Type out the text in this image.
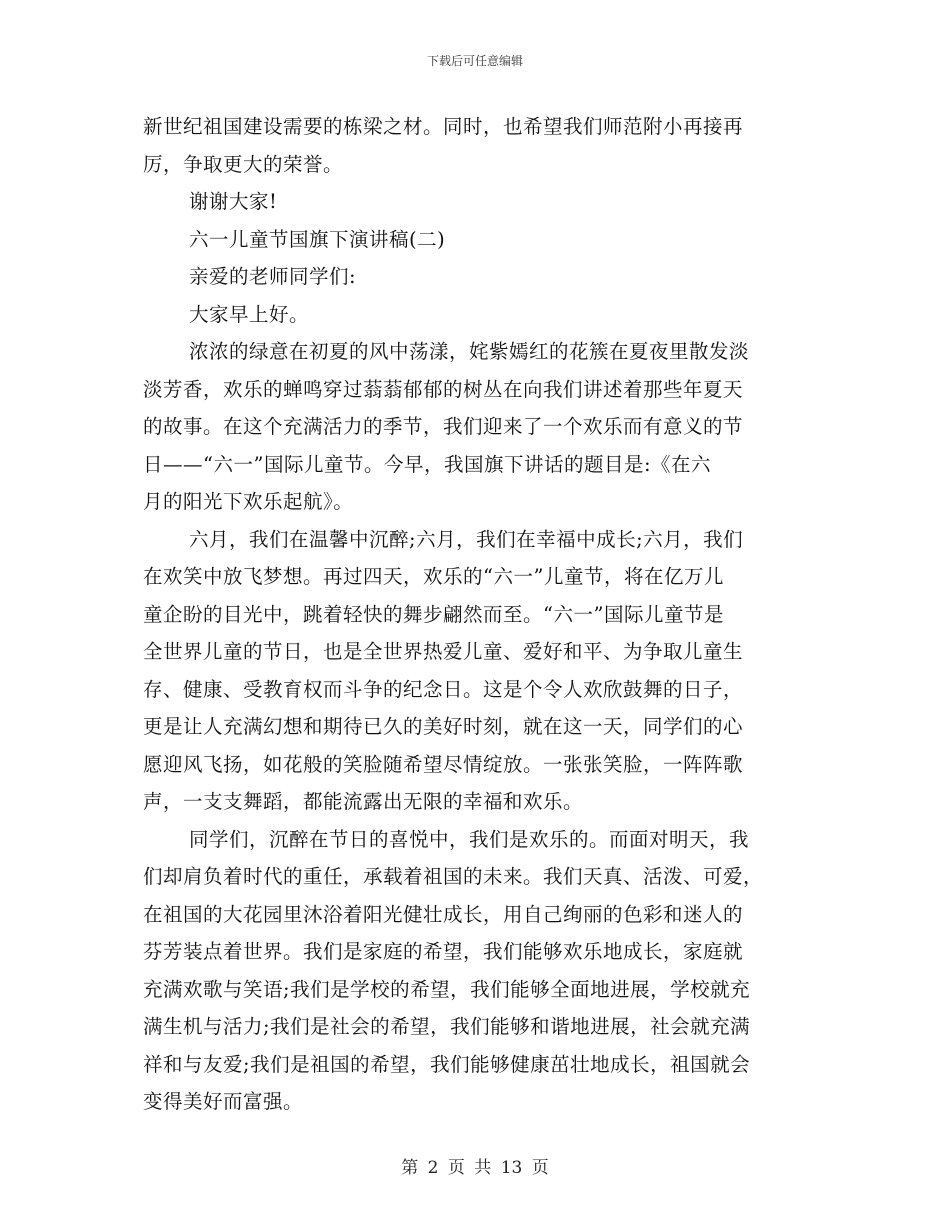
下载后可任意编辑
新世纪祖国建设需要的栋梁之材。同时，也希望我们师范附小再接再
厉，争取更大的荣誉。
谢谢大家!
六一儿童节国旗下演讲稿(二)
亲爱的老师同学们:
大家早上好。
浓浓的绿意在初夏的风中荡漾，姹紫嫣红的花簇在夏夜里散发淡
淡芳香，欢乐的蝉鸣穿过蓊蓊郁郁的树丛在向我们讲述着那些年夏天
的故事。在这个充满活力的季节，我们迎来了一个欢乐而有意义的节
日——“六一”国际儿童节。今早，我国旗下讲话的题目是:《在六
月的阳光下欢乐起航》。
六月，我们在温馨中沉醉;六月，我们在幸福中成长;六月，我们
在欢笑中放飞梦想。再过四天，欢乐的“六一”儿童节，将在亿万儿
童企盼的目光中，跳着轻快的舞步翩然而至。“六一”国际儿童节是
全世界儿童的节日，也是全世界热爱儿童、爱好和平、为争取儿童生
存、健康、受教育权而斗争的纪念日。这是个令人欢欣鼓舞的日子，
更是让人充满幻想和期待已久的美好时刻，就在这一天，同学们的心
愿迎风飞扬，如花般的笑脸随希望尽情绽放。一张张笑脸，一阵阵歌
声，一支支舞蹈，都能流露出无限的幸福和欢乐。
同学们，沉醉在节日的喜悦中，我们是欢乐的。而面对明天，我
们却肩负着时代的重任，承载着祖国的未来。我们天真、活泼、可爱，
在祖国的大花园里沐浴着阳光健壮成长，用自己绚丽的色彩和迷人的
芬芳装点着世界。我们是家庭的希望，我们能够欢乐地成长，家庭就
充满欢歌与笑语;我们是学校的希望，我们能够全面地进展，学校就充
满生机与活力;我们是社会的希望，我们能够和谐地进展，社会就充满
祥和与友爱;我们是祖国的希望，我们能够健康茁壮地成长，祖国就会
变得美好而富强。
第 2 页 共 13 页
